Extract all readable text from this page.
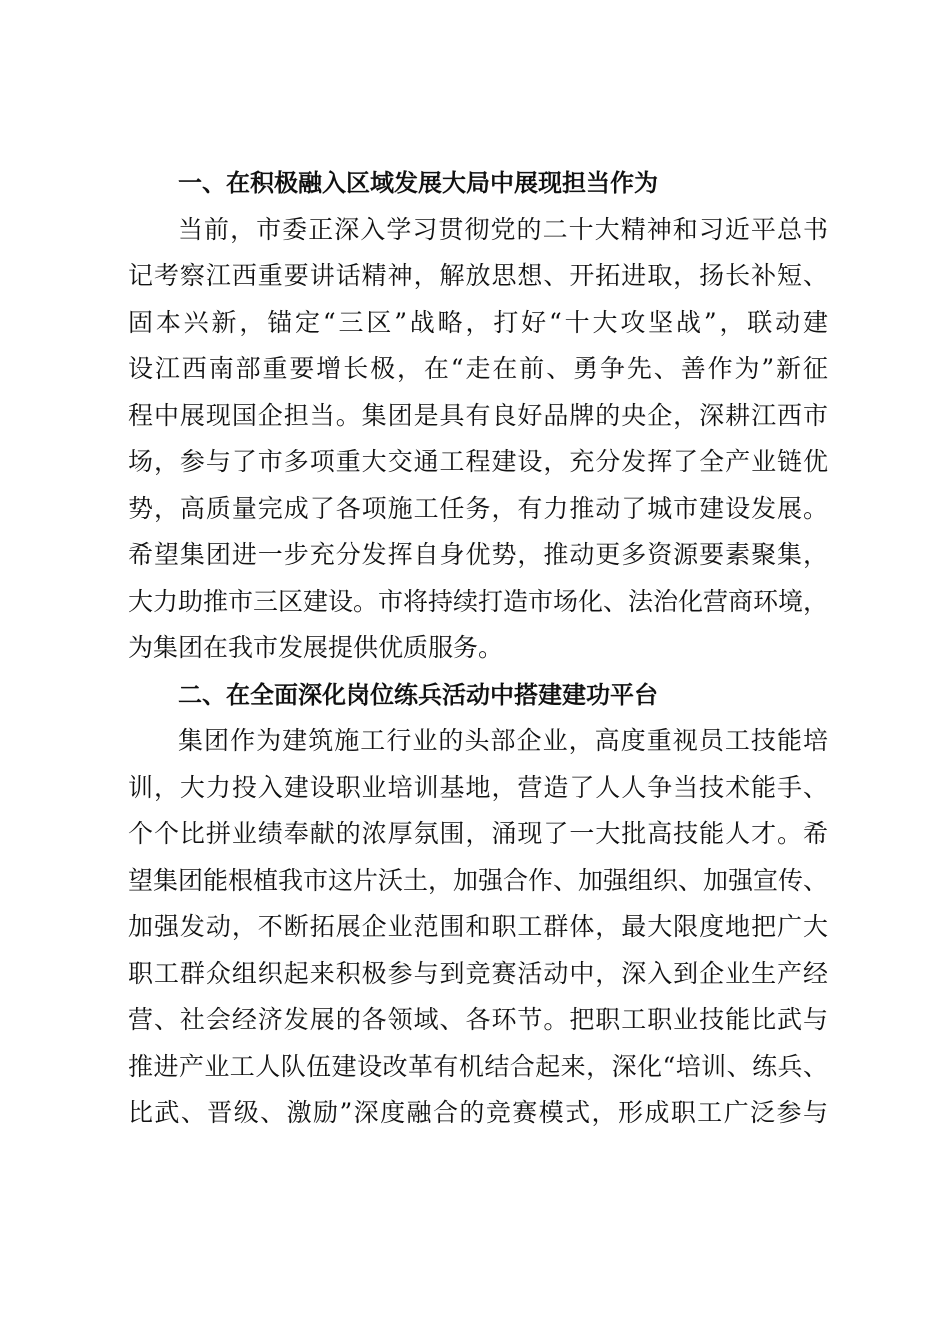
一、在积极融入区域发展大局中展现担当作为
当前，市委正深入学习贯彻党的二十大精神和习近平总书
记考察江西重要讲话精神，解放思想、开拓进取，扬长补短、
固本兴新，锚定“三区”战略，打好“十大攻坚战”，联动建
设江西南部重要增长极，在“走在前、勇争先、善作为”新征
程中展现国企担当。集团是具有良好品牌的央企，深耕江西市
场，参与了市多项重大交通工程建设，充分发挥了全产业链优
势，高质量完成了各项施工任务，有力推动了城市建设发展。
希望集团进一步充分发挥自身优势，推动更多资源要素聚集，
大力助推市三区建设。市将持续打造市场化、法治化营商环境，
为集团在我市发展提供优质服务。
二、在全面深化岗位练兵活动中搭建建功平台
集团作为建筑施工行业的头部企业，高度重视员工技能培
训，大力投入建设职业培训基地，营造了人人争当技术能手、
个个比拼业绩奉献的浓厚氛围，涌现了一大批高技能人才。希
望集团能根植我市这片沃土，加强合作、加强组织、加强宣传、
加强发动，不断拓展企业范围和职工群体，最大限度地把广大
职工群众组织起来积极参与到竞赛活动中，深入到企业生产经
营、社会经济发展的各领域、各环节。把职工职业技能比武与
推进产业工人队伍建设改革有机结合起来，深化“培训、练兵、
比武、晋级、激励”深度融合的竞赛模式，形成职工广泛参与
